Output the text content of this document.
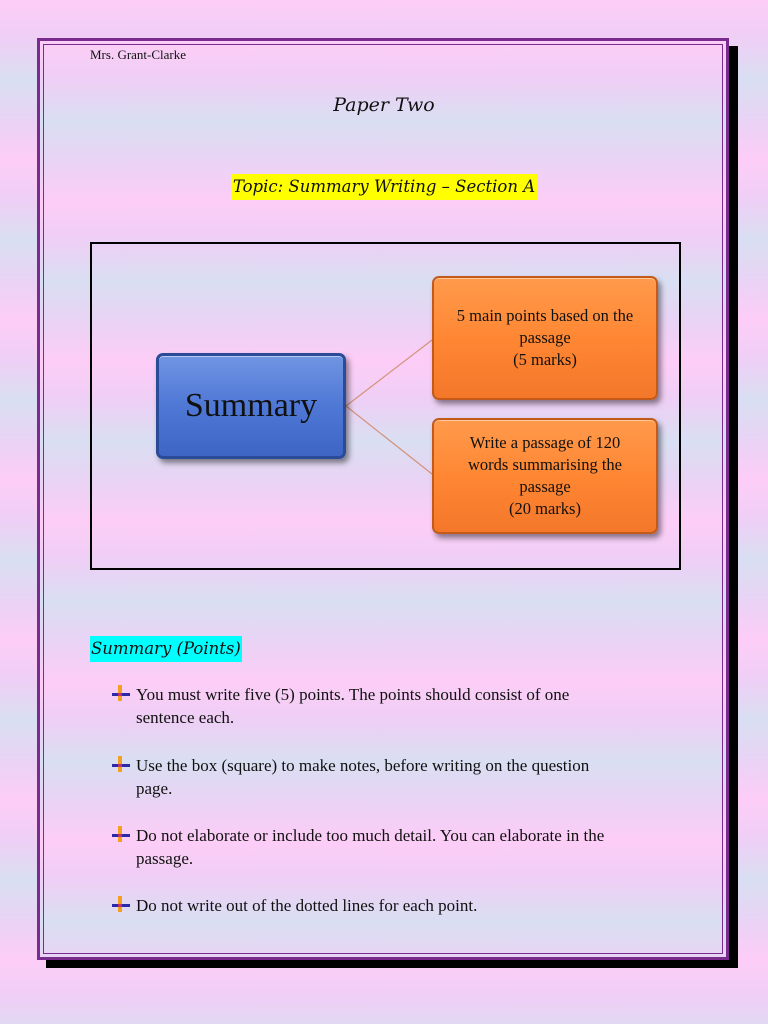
Mrs. Grant-Clarke
Paper Two
Topic: Summary Writing – Section A
Summary
5 main points based on the
passage
(5 marks)
Write a passage of 120
words summarising the
passage
(20 marks)
Summary (Points)
You must write five (5) points. The points should consist of one
sentence each.
Use the box (square) to make notes, before writing on the question
page.
Do not elaborate or include too much detail. You can elaborate in the
passage.
Do not write out of the dotted lines for each point.
